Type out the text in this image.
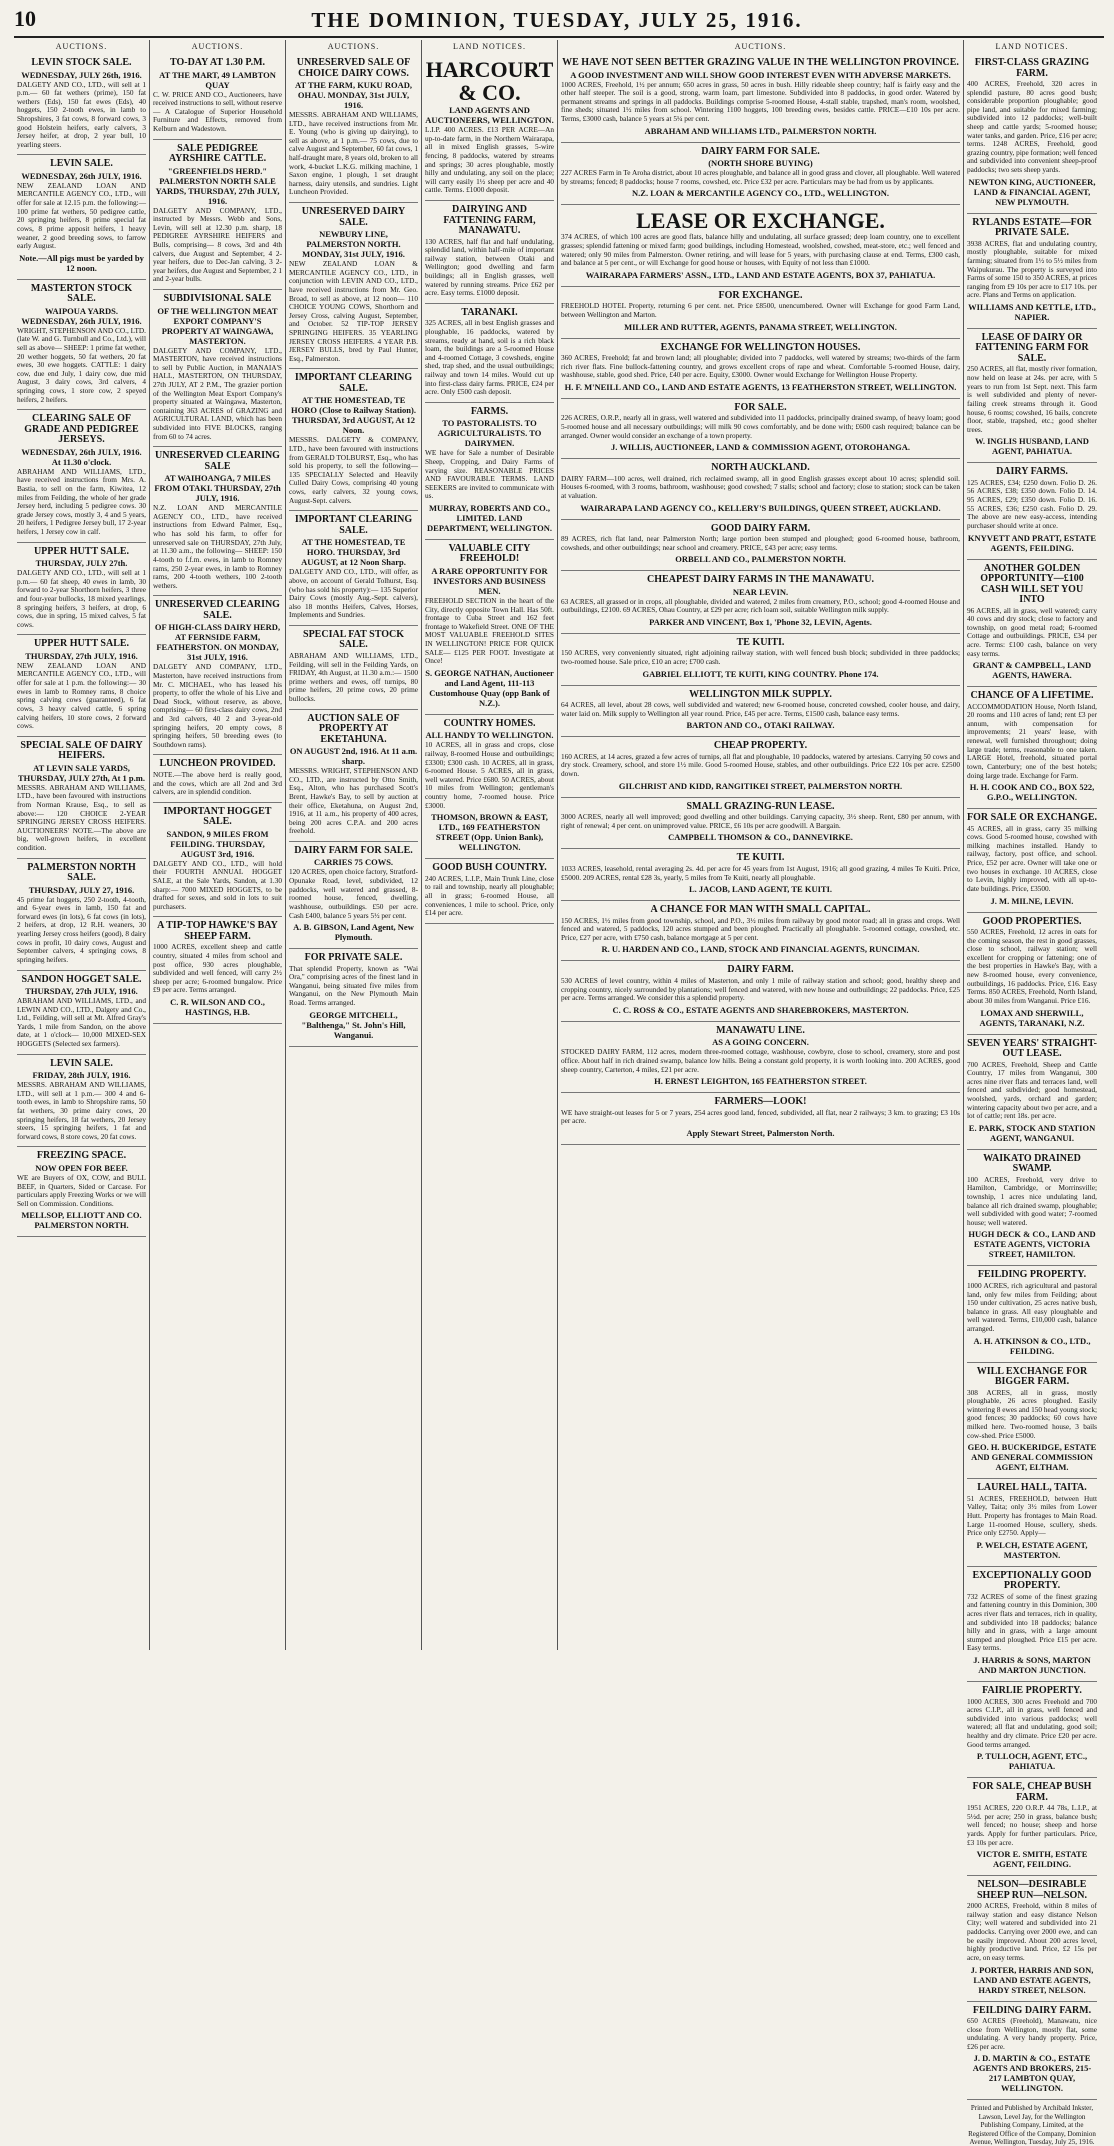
10	THE DOMINION, TUESDAY, JULY 25, 1916.
AUCTIONS.
LEVIN STOCK SALE.
WEDNESDAY, JULY 26th, 1916.
DALGETY AND CO., LTD., will sell at 1 p.m.— 60 fat wethers (prime), 150 fat wethers (Eds), 150 fat ewes (Eds), 40 hoggets, 150 2-tooth ewes, in lamb to Shropshires, 3 fat cows, 8 forward cows, 3 good Holstein heifers, early calvers, 3 Jersey heifer, at drop, 2 year bull, 10 yearling steers.
LEVIN SALE.
WEDNESDAY, 26th JULY, 1916.
NEW ZEALAND LOAN AND MERCANTILE AGENCY CO., LTD., will offer for sale at 12.15 p.m. the following:— 100 prime fat wethers, 50 pedigree cattle, 20 springing heifers, 8 prime special fat cows, 8 prime apposit heifers, 1 heavy weaner, 2 good breeding sows, to farrow early August.
Note.—All pigs must be yarded by 12 noon.
MASTERTON STOCK SALE.
WAIPOUA YARDS. WEDNESDAY, 26th JULY, 1916.
WRIGHT, STEPHENSON AND CO., LTD. (late W. and G. Turnbull and Co., Ltd.), will sell as above— SHEEP: 1 prime fat wether, 20 wether hoggets, 50 fat wethers, 20 fat ewes, 30 ewe hoggets. CATTLE: 1 dairy cow, due end July, 1 dairy cow, due mid August, 3 dairy cows, 3rd calvers, 4 springing cows, 1 store cow, 2 speyed heifers, 2 heifers.
CLEARING SALE OF GRADE AND PEDIGREE JERSEYS.
WEDNESDAY, 26th JULY, 1916. At 11.30 o'clock.
ABRAHAM AND WILLIAMS, LTD., have received instructions from Mrs. A. Bastia, to sell on the farm, Kiwitea, 12 miles from Feilding, the whole of her grade Jersey herd, including 5 pedigree cows. 30 grade Jersey cows, mostly 3, 4 and 5 years, 20 heifers, 1 Pedigree Jersey bull, 17 2-year heifers, 1 Jersey cow in calf.
UPPER HUTT SALE.
THURSDAY, JULY 27th.
DALGETY AND CO., LTD., will sell at 1 p.m.— 60 fat sheep, 40 ewes in lamb, 30 forward to 2-year Shorthorn heifers, 3 three and four-year bullocks, 18 mixed yearlings, 8 springing heifers, 3 heifers, at drop, 6 cows, due in spring, 15 mixed calves, 5 fat cows.
UPPER HUTT SALE.
THURSDAY, 27th JULY, 1916.
NEW ZEALAND LOAN AND MERCANTILE AGENCY CO., LTD., will offer for sale at 1 p.m. the following:— 30 ewes in lamb to Romney rams, 8 choice spring calving cows (guaranteed), 6 fat cows, 3 heavy calved cattle, 6 spring calving heifers, 10 store cows, 2 forward cows.
SPECIAL SALE OF DAIRY HEIFERS.
AT LEVIN SALE YARDS, THURSDAY, JULY 27th, At 1 p.m.
MESSRS. ABRAHAM AND WILLIAMS, LTD., have been favoured with instructions from Norman Krause, Esq., to sell as above:— 120 CHOICE 2-YEAR SPRINGING JERSEY CROSS HEIFERS. AUCTIONEERS' NOTE.—The above are big, well-grown heifers, in excellent condition.
PALMERSTON NORTH SALE.
THURSDAY, JULY 27, 1916.
45 prime fat hoggets, 250 2-tooth, 4-tooth, and 6-year ewes in lamb, 150 fat and forward ewes (in lots), 6 fat cows (in lots), 2 heifers, at drop, 12 R.H. weaners, 30 yearling Jersey cross heifers (good), 8 dairy cows in profit, 10 dairy cows, August and September calvers, 4 springing cows, 8 springing heifers.
SANDON HOGGET SALE.
THURSDAY, 27th JULY, 1916.
ABRAHAM AND WILLIAMS, LTD., and LEWIN AND CO., LTD., Dalgety and Co., Ltd., Feilding, will sell at Mt. Alfred Gray's Yards, 1 mile from Sandon, on the above date, at 1 o'clock— 10,000 MIXED-SEX HOGGETS (Selected sex farmers).
LEVIN SALE.
FRIDAY, 28th JULY, 1916.
MESSRS. ABRAHAM AND WILLIAMS, LTD., will sell at 1 p.m.— 300 4 and 6-tooth ewes, in lamb to Shropshire rams, 50 fat wethers, 30 prime dairy cows, 20 springing heifers, 18 fat wethers, 20 Jersey steers, 15 springing heifers, 1 fat and forward cows, 8 store cows, 20 fat cows.
FREEZING SPACE.
NOW OPEN FOR BEEF.
WE are Buyers of OX, COW, and BULL BEEF, in Quarters, Sided or Carcase. For particulars apply Freezing Works or we will Sell on Commission. Conditions.
MELLSOP, ELLIOTT AND CO. PALMERSTON NORTH.
AUCTIONS.
TO-DAY AT 1.30 P.M.
AT THE MART, 49 LAMBTON QUAY
C. W. PRICE AND CO., Auctioneers, have received instructions to sell, without reserve— A Catalogue of Superior Household Furniture and Effects, removed from Kelburn and Wadestown.
SALE PEDIGREE AYRSHIRE CATTLE.
"GREENFIELDS HERD." PALMERSTON NORTH SALE YARDS, THURSDAY, 27th JULY, 1916.
DALGETY AND COMPANY, LTD., instructed by Messrs. Webb and Sons, Levin, will sell at 12.30 p.m. sharp, 18 PEDIGREE AYRSHIRE HEIFERS and Bulls, comprising— 8 cows, 3rd and 4th calvers, due August and September, 4 2-year heifers, due to Dec-Jan calving, 3 2-year heifers, due August and September, 2 1 and 2-year bulls.
SUBDIVISIONAL SALE
OF THE WELLINGTON MEAT EXPORT COMPANY'S PROPERTY AT WAINGAWA, MASTERTON.
DALGETY AND COMPANY, LTD., MASTERTON, have received instructions to sell by Public Auction, in MANAIA'S HALL, MASTERTON, ON THURSDAY, 27th JULY, AT 2 P.M., The grazier portion of the Wellington Meat Export Company's property situated at Waingawa, Masterton, containing 363 ACRES of GRAZING and AGRICULTURAL LAND, which has been subdivided into FIVE BLOCKS, ranging from 60 to 74 acres.
UNRESERVED CLEARING SALE
AT WAIHOANGA, 7 MILES FROM OTAKI. THURSDAY, 27th JULY, 1916.
N.Z. LOAN AND MERCANTILE AGENCY CO., LTD., have received instructions from Edward Palmer, Esq., who has sold his farm, to offer for unreserved sale on THURSDAY, 27th July, at 11.30 a.m., the following— SHEEP: 150 4-tooth to f.f.m. ewes, in lamb to Romney rams, 250 2-year ewes, in lamb to Romney rams, 200 4-tooth wethers, 100 2-tooth wethers.
UNRESERVED CLEARING SALE.
OF HIGH-CLASS DAIRY HERD, AT FERNSIDE FARM, FEATHERSTON. ON MONDAY, 31st JULY, 1916.
DALGETY AND COMPANY, LTD., Masterton, have received instructions from Mr. C. MICHAEL, who has leased his property, to offer the whole of his Live and Dead Stock, without reserve, as above, comprising— 60 first-class dairy cows, 2nd and 3rd calvers, 40 2 and 3-year-old springing heifers, 20 empty cows, 8 springing heifers, 50 breeding ewes (to Southdown rams).
LUNCHEON PROVIDED.
NOTE.—The above herd is really good, and the cows, which are all 2nd and 3rd calvers, are in splendid condition.
IMPORTANT HOGGET SALE.
SANDON, 9 MILES FROM FEILDING. THURSDAY, AUGUST 3rd, 1916.
DALGETY AND CO., LTD., will hold their FOURTH ANNUAL HOGGET SALE, at the Sale Yards, Sandon, at 1.30 sharp:— 7000 MIXED HOGGETS, to be drafted for sexes, and sold in lots to suit purchasers.
A TIP-TOP HAWKE'S BAY SHEEP FARM.
1000 ACRES, excellent sheep and cattle country, situated 4 miles from school and post office, 930 acres ploughable, subdivided and well fenced, will carry 2½ sheep per acre; 6-roomed bungalow. Price £9 per acre. Terms arranged.
C. R. WILSON AND CO., HASTINGS, H.B.
AUCTIONS.
UNRESERVED SALE OF CHOICE DAIRY COWS.
AT THE FARM, KUKU ROAD, OHAU. MONDAY, 31st JULY, 1916.
MESSRS. ABRAHAM AND WILLIAMS, LTD., have received instructions from Mr. E. Young (who is giving up dairying), to sell as above, at 1 p.m.— 75 cows, due to calve August and September, 60 fat cows, 1 half-draught mare, 8 years old, broken to all work, 4-bucket L.K.G. milking machine, 1 Saxon engine, 1 plough, 1 set draught harness, dairy utensils, and sundries. Light Luncheon Provided.
UNRESERVED DAIRY SALE.
NEWBURY LINE, PALMERSTON NORTH. MONDAY, 31st JULY, 1916.
NEW ZEALAND LOAN & MERCANTILE AGENCY CO., LTD., in conjunction with LEVIN AND CO., LTD., have received instructions from Mr. Geo. Broad, to sell as above, at 12 noon— 110 CHOICE YOUNG COWS, Shorthorn and Jersey Cross, calving August, September, and October. 52 TIP-TOP JERSEY SPRINGING HEIFERS. 35 YEARLING JERSEY CROSS HEIFERS. 4 YEAR P.B. JERSEY BULLS, bred by Paul Hunter, Esq., Palmerston.
IMPORTANT CLEARING SALE.
AT THE HOMESTEAD, TE HORO (Close to Railway Station). THURSDAY, 3rd AUGUST, At 12 Noon.
MESSRS. DALGETY & COMPANY, LTD., have been favoured with instructions from GERALD TOLBURST, Esq., who has sold his property, to sell the following— 135 SPECIALLY Selected and Heavily Culled Dairy Cows, comprising 40 young cows, early calvers, 32 young cows, August-Sept. calvers.
IMPORTANT CLEARING SALE.
AT THE HOMESTEAD, TE HORO. THURSDAY, 3rd AUGUST, at 12 Noon Sharp.
DALGETY AND CO., LTD., will offer, as above, on account of Gerald Tolhurst, Esq. (who has sold his property):— 135 Superior Dairy Cows (mostly Aug.-Sept. calvers), also 18 months Heifers, Calves, Horses, Implements and Sundries.
SPECIAL FAT STOCK SALE.
ABRAHAM AND WILLIAMS, LTD., Feilding, will sell in the Feilding Yards, on FRIDAY, 4th August, at 11.30 a.m.:— 1500 prime wethers and ewes, off turnips, 80 prime heifers, 20 prime cows, 20 prime bullocks.
AUCTION SALE OF PROPERTY AT EKETAHUNA.
ON AUGUST 2nd, 1916. At 11 a.m. sharp.
MESSRS. WRIGHT, STEPHENSON AND CO., LTD., are instructed by Otto Smith, Esq., Alton, who has purchased Scott's Brent, Hawke's Bay, to sell by auction at their office, Eketahuna, on August 2nd, 1916, at 11 a.m., his property of 400 acres, being 200 acres C.P.A. and 200 acres freehold.
DAIRY FARM FOR SALE.
CARRIES 75 COWS.
120 ACRES, open choice factory, Stratford-Opunake Road, level, subdivided, 12 paddocks, well watered and grassed, 8-roomed house, fenced, dwelling, washhouse, outbuildings. £50 per acre. Cash £400, balance 5 years 5½ per cent.
A. B. GIBSON, Land Agent, New Plymouth.
FOR PRIVATE SALE.
That splendid Property, known as "Wai Ora," comprising acres of the finest land in Wanganui, being situated five miles from Wanganui, on the New Plymouth Main Road. Terms arranged.
GEORGE MITCHELL, "Balthenga," St. John's Hill, Wanganui.
LAND NOTICES.
HARCOURT & CO.
LAND AGENTS AND AUCTIONEERS, WELLINGTON.
L.I.P. 400 ACRES. £13 PER ACRE—An up-to-date farm, in the Northern Wairarapa, all in mixed English grasses, 5-wire fencing, 8 paddocks, watered by streams and springs; 30 acres ploughable, mostly hilly and undulating, any soil on the place; will carry easily 1½ sheep per acre and 40 cattle. Terms. £1000 deposit.
DAIRYING AND FATTENING FARM, MANAWATU.
130 ACRES, half flat and half undulating, splendid land, within half-mile of important railway station, between Otaki and Wellington; good dwelling and farm buildings; all in English grasses, well watered by running streams. Price £62 per acre. Easy terms. £1000 deposit.
TARANAKI.
325 ACRES, all in best English grasses and ploughable, 16 paddocks, watered by streams, ready at hand, soil is a rich black loam, the buildings are a 5-roomed House and 4-roomed Cottage, 3 cowsheds, engine shed, trap shed, and the usual outbuildings; railway and town 14 miles. Would cut up into first-class dairy farms. PRICE, £24 per acre. Only £500 cash deposit.
FARMS.
TO PASTORALISTS. TO AGRICULTURALISTS. TO DAIRYMEN.
WE have for Sale a number of Desirable Sheep, Cropping, and Dairy Farms of varying size. REASONABLE PRICES AND FAVOURABLE TERMS. LAND SEEKERS are invited to communicate with us.
MURRAY, ROBERTS AND CO., LIMITED. LAND DEPARTMENT, WELLINGTON.
VALUABLE CITY FREEHOLD!
A RARE OPPORTUNITY FOR INVESTORS AND BUSINESS MEN.
FREEHOLD SECTION in the heart of the City, directly opposite Town Hall. Has 50ft. frontage to Cuba Street and 162 feet frontage to Wakefield Street. ONE OF THE MOST VALUABLE FREEHOLD SITES IN WELLINGTON! PRICE FOR QUICK SALE— £125 PER FOOT. Investigate at Once!
S. GEORGE NATHAN, Auctioneer and Land Agent, 111-113 Customhouse Quay (opp Bank of N.Z.).
COUNTRY HOMES.
ALL HANDY TO WELLINGTON.
10 ACRES, all in grass and crops, close railway, 8-roomed House and outbuildings; £3300; £300 cash. 10 ACRES, all in grass, 6-roomed House. 5 ACRES, all in grass, well watered. Price £680. 50 ACRES, about 10 miles from Wellington; gentleman's country home, 7-roomed house. Price £3000.
THOMSON, BROWN & EAST, LTD., 169 FEATHERSTON STREET (Opp. Union Bank), WELLINGTON.
GOOD BUSH COUNTRY.
240 ACRES, L.I.P., Main Trunk Line, close to rail and township, nearly all ploughable; all in grass; 6-roomed House, all conveniences, 1 mile to school. Price, only £14 per acre.
AUCTIONS.
WE HAVE NOT SEEN BETTER GRAZING VALUE IN THE WELLINGTON PROVINCE.
A GOOD INVESTMENT AND WILL SHOW GOOD INTEREST EVEN WITH ADVERSE MARKETS.
1000 ACRES, Freehold, 1½ per annum; 650 acres in grass, 50 acres in bush. Hilly rideable sheep country; half is fairly easy and the other half steeper. The soil is a good, strong, warm loam, part limestone. Subdivided into 8 paddocks, in good order. Watered by permanent streams and springs in all paddocks. Buildings comprise 5-roomed House, 4-stall stable, trapshed, man's room, woolshed, fine sheds; situated 1½ miles from school. Wintering 1100 hoggets, 100 breeding ewes, besides cattle. PRICE—£10 10s per acre. Terms, £3000 cash, balance 5 years at 5¼ per cent.
ABRAHAM AND WILLIAMS LTD., PALMERSTON NORTH.
DAIRY FARM FOR SALE.
(NORTH SHORE BUYING)
227 ACRES Farm in Te Aroha district, about 10 acres ploughable, and balance all in good grass and clover, all ploughable. Well watered by streams; fenced; 8 paddocks; house 7 rooms, cowshed, etc. Price £32 per acre. Particulars may be had from us by applicants.
N.Z. LOAN & MERCANTILE AGENCY CO., LTD., WELLINGTON.
LEASE OR EXCHANGE.
374 ACRES, of which 100 acres are good flats, balance hilly and undulating, all surface grassed; deep loam country, one to excellent grasses; splendid fattening or mixed farm; good buildings, including Homestead, woolshed, cowshed, meat-store, etc.; well fenced and watered; only 90 miles from Palmerston. Owner retiring, and will lease for 5 years, with purchasing clause at end. Terms, £300 cash, and balance at 5 per cent., or will Exchange for good house or houses, with Equity of not less than £1000.
WAIRARAPA FARMERS' ASSN., LTD., LAND AND ESTATE AGENTS, BOX 37, PAHIATUA.
FOR EXCHANGE.
FREEHOLD HOTEL Property, returning 6 per cent. net. Price £8500, unencumbered. Owner will Exchange for good Farm Land, between Wellington and Marton.
MILLER AND RUTTER, AGENTS, PANAMA STREET, WELLINGTON.
EXCHANGE FOR WELLINGTON HOUSES.
360 ACRES, Freehold; fat and brown land; all ploughable; divided into 7 paddocks, well watered by streams; two-thirds of the farm rich river flats. Fine bullock-fattening country, and grows excellent crops of rape and wheat. Comfortable 5-roomed House, dairy, washhouse, stable, good shed. Price, £40 per acre. Equity, £3000. Owner would Exchange for Wellington House Property.
H. F. M'NEILL AND CO., LAND AND ESTATE AGENTS, 13 FEATHERSTON STREET, WELLINGTON.
FOR SALE.
226 ACRES, O.R.P., nearly all in grass, well watered and subdivided into 11 paddocks, principally drained swamp, of heavy loam; good 5-roomed house and all necessary outbuildings; will milk 90 cows comfortably, and be done with; £600 cash required; balance can be arranged. Owner would consider an exchange of a town property.
J. WILLIS, AUCTIONEER, LAND & COMMISSION AGENT, OTOROHANGA.
NORTH AUCKLAND.
DAIRY FARM—100 acres, well drained, rich reclaimed swamp, all in good English grasses except about 10 acres; splendid soil. Houses 6-roomed, with 3 rooms, bathroom, washhouse; good cowshed; 7 stalls; school and factory; close to station; stock can be taken at valuation.
WAIRARAPA LAND AGENCY CO., KELLERY'S BUILDINGS, QUEEN STREET, AUCKLAND.
GOOD DAIRY FARM.
89 ACRES, rich flat land, near Palmerston North; large portion been stumped and ploughed; good 6-roomed house, bathroom, cowsheds, and other outbuildings; near school and creamery. PRICE, £43 per acre; easy terms.
ORBELL AND CO., PALMERSTON NORTH.
CHEAPEST DAIRY FARMS IN THE MANAWATU.
NEAR LEVIN.
63 ACRES, all grassed or in crops, all ploughable, divided and watered, 2 miles from creamery, P.O., school; good 4-roomed House and outbuildings, £2100. 69 ACRES, Ohau Country, at £29 per acre; rich loam soil, suitable Wellington milk supply.
PARKER AND VINCENT, Box 1, 'Phone 32, LEVIN, Agents.
TE KUITI.
150 ACRES, very conveniently situated, right adjoining railway station, with well fenced bush block; subdivided in three paddocks; two-roomed house. Sale price, £10 an acre; £700 cash.
GABRIEL ELLIOTT, TE KUITI, KING COUNTRY. Phone 174.
WELLINGTON MILK SUPPLY.
64 ACRES, all level, about 28 cows, well subdivided and watered; new 6-roomed house, concreted cowshed, cooler house, and dairy, water laid on. Milk supply to Wellington all year round. Price, £45 per acre. Terms, £1500 cash, balance easy terms.
BARTON AND CO., OTAKI RAILWAY.
CHEAP PROPERTY.
160 ACRES, at 14 acres, grazed a few acres of turnips, all flat and ploughable, 10 paddocks, watered by artesians. Carrying 50 cows and dry stock. Creamery, school, and store 1½ mile. Good 5-roomed House, stables, and other outbuildings. Price £22 10s per acre. £2500 down.
GILCHRIST AND KIDD, RANGITIKEI STREET, PALMERSTON NORTH.
SMALL GRAZING-RUN LEASE.
3000 ACRES, nearly all well improved; good dwelling and other buildings. Carrying capacity, 3½ sheep. Rent, £80 per annum, with right of renewal; 4 per cent. on unimproved value. PRICE, £6 10s per acre goodwill. A Bargain.
CAMPBELL THOMSON & CO., DANNEVIRKE.
TE KUITI.
1033 ACRES, leasehold, rental averaging 2s. 4d. per acre for 45 years from 1st August, 1916; all good grazing, 4 miles Te Kuiti. Price, £5000. 209 ACRES, rental £28 3s, yearly, 5 miles from Te Kuiti, nearly all ploughable.
L. JACOB, LAND AGENT, TE KUITI.
A CHANCE FOR MAN WITH SMALL CAPITAL.
150 ACRES, 1½ miles from good township, school, and P.O., 3½ miles from railway by good motor road; all in grass and crops. Well fenced and watered, 5 paddocks, 120 acres stumped and been ploughed. Practically all ploughable. 5-roomed cottage, cowshed, etc. Price, £27 per acre, with £750 cash, balance mortgage at 5 per cent.
R. U. HARDEN AND CO., LAND, STOCK AND FINANCIAL AGENTS, RUNCIMAN.
DAIRY FARM.
530 ACRES of level country, within 4 miles of Masterton, and only 1 mile of railway station and school; good, healthy sheep and cropping country, nicely surrounded by plantations; well fenced and watered, with new house and outbuildings; 22 paddocks. Price, £25 per acre. Terms arranged. We consider this a splendid property.
C. C. ROSS & CO., ESTATE AGENTS AND SHAREBROKERS, MASTERTON.
MANAWATU LINE.
AS A GOING CONCERN.
STOCKED DAIRY FARM, 112 acres, modern three-roomed cottage, washhouse, cowbyre, close to school, creamery, store and post office. About half in rich drained swamp, balance low hills. Being a constant gold property, it is worth looking into. 200 ACRES, good sheep country, Carterton, 4 miles, £21 per acre.
H. ERNEST LEIGHTON, 165 FEATHERSTON STREET.
FARMERS—LOOK!
WE have straight-out leases for 5 or 7 years, 254 acres good land, fenced, subdivided, all flat, near 2 railways; 3 km. to grazing; £3 10s per acre.
Apply Stewart Street, Palmerston North.
LAND NOTICES.
FIRST-CLASS GRAZING FARM.
400 ACRES, Freehold, 320 acres in splendid pasture, 80 acres good bush; considerable proportion ploughable; good pipe land, and suitable for mixed farming; subdivided into 12 paddocks; well-built sheep and cattle yards; 5-roomed house; water tanks, and garden. Price, £16 per acre; terms. 1248 ACRES, Freehold, good grazing country, pipe formation; well fenced and subdivided into convenient sheep-proof paddocks; two sets sheep yards.
NEWTON KING, AUCTIONEER, LAND & FINANCIAL AGENT, NEW PLYMOUTH.
RYLANDS ESTATE—FOR PRIVATE SALE.
3938 ACRES, flat and undulating country, mostly ploughable, suitable for mixed farming; situated from 1½ to 5½ miles from Waipukurau. The property is surveyed into Farms of some 150 to 350 ACRES, at prices ranging from £9 10s per acre to £17 10s. per acre. Plans and Terms on application.
WILLIAMS AND KETTLE, LTD., NAPIER.
LEASE OF DAIRY OR FATTENING FARM FOR SALE.
250 ACRES, all flat, mostly river formation, now held on lease at 24s. per acre, with 5 years to run from 1st Sept. next. This farm is well subdivided and plenty of never-failing creek streams through it. Good house, 6 rooms; cowshed, 16 bails, concrete floor, stable, trapshed, etc.; good shelter trees.
W. INGLIS HUSBAND, LAND AGENT, PAHIATUA.
DAIRY FARMS.
125 ACRES, £34; £250 down. Folio D. 26. 56 ACRES, £38; £350 down. Folio D. 14. 95 ACRES, £29; £350 down. Folio D. 16. 55 ACRES, £36; £250 cash. Folio D. 29. The above are new easy-access, intending purchaser should write at once.
KNYVETT AND PRATT, ESTATE AGENTS, FEILDING.
ANOTHER GOLDEN OPPORTUNITY—£100 CASH WILL SET YOU INTO
96 ACRES, all in grass, well watered; carry 40 cows and dry stock; close to factory and township, on good metal road; 6-roomed Cottage and outbuildings. PRICE, £34 per acre. Terms: £100 cash, balance on very easy terms.
GRANT & CAMPBELL, LAND AGENTS, HAWERA.
CHANCE OF A LIFETIME.
ACCOMMODATION House, North Island, 20 rooms and 110 acres of land; rent £3 per annum, with compensation for improvements; 21 years' lease, with renewal, well furnished throughout; doing large trade; terms, reasonable to one taken. LARGE Hotel, freehold, situated portal town, Canterbury; one of the best hotels; doing large trade. Exchange for Farm.
H. H. COOK AND CO., BOX 522, G.P.O., WELLINGTON.
FOR SALE OR EXCHANGE.
45 ACRES, all in grass, carry 35 milking cows. Good 5-roomed house, cowshed with milking machines installed. Handy to railway, factory, post office, and school. Price, £52 per acre. Owner will take one or two houses in exchange. 10 ACRES, close to Levin, highly improved, with all up-to-date buildings. Price, £3500.
J. M. MILNE, LEVIN.
GOOD PROPERTIES.
550 ACRES, Freehold, 12 acres in oats for the coming season, the rest in good grasses, close to school, railway station; well excellent for cropping or fattening; one of the best properties in Hawke's Bay, with a new 8-roomed house, every convenience, outbuildings, 16 paddocks. Price, £16. Easy Terms. 850 ACRES, Freehold, North Island, about 30 miles from Wanganui. Price £16.
LOMAX AND SHERWILL, AGENTS, TARANAKI, N.Z.
SEVEN YEARS' STRAIGHT-OUT LEASE.
700 ACRES, Freehold, Sheep and Cattle Country, 17 miles from Wanganui, 300 acres nine river flats and terraces land, well fenced and subdivided; good homestead, woolshed, yards, orchard and garden; wintering capacity about two per acre, and a lot of cattle; rent 18s. per acre.
E. PARK, STOCK AND STATION AGENT, WANGANUI.
WAIKATO DRAINED SWAMP.
100 ACRES, Freehold, very drive to Hamilton, Cambridge, or Morrinsville; township, 1 acres nice undulating land, balance all rich drained swamp, ploughable; well subdivided with good water; 7-roomed house; well watered.
HUGH DECK & CO., LAND AND ESTATE AGENTS, VICTORIA STREET, HAMILTON.
FEILDING PROPERTY.
1000 ACRES, rich agricultural and pastoral land, only few miles from Feilding; about 150 under cultivation, 25 acres native bush, balance in grass. All easy ploughable and well watered. Terms, £10,000 cash, balance arranged.
A. H. ATKINSON & CO., LTD., FEILDING.
WILL EXCHANGE FOR BIGGER FARM.
308 ACRES, all in grass, mostly ploughable, 26 acres ploughed. Easily wintering 8 ewes and 150 head young stock; good fences; 30 paddocks; 60 cows have milked here. Two-roomed house, 3 bails cow-shed. Price £5000.
GEO. H. BUCKERIDGE, ESTATE AND GENERAL COMMISSION AGENT, ELTHAM.
LAUREL HALL, TAITA.
51 ACRES, FREEHOLD, between Hutt Valley, Taita; only 3½ miles from Lower Hutt. Property has frontages to Main Road. Large 11-roomed House, scullery, sheds. Price only £2750. Apply—
P. WELCH, ESTATE AGENT, MASTERTON.
EXCEPTIONALLY GOOD PROPERTY.
732 ACRES of some of the finest grazing and fattening country in this Dominion, 300 acres river flats and terraces, rich in quality, and subdivided into 18 paddocks; balance hilly and in grass, with a large amount stumped and ploughed. Price £15 per acre. Easy terms.
J. HARRIS & SONS, MARTON AND MARTON JUNCTION.
FAIRLIE PROPERTY.
1000 ACRES, 300 acres Freehold and 700 acres C.I.P., all in grass, well fenced and subdivided into various paddocks; well watered; all flat and undulating, good soil; healthy and dry climate. Price £20 per acre. Good terms arranged.
P. TULLOCH, AGENT, ETC., PAHIATUA.
FOR SALE, CHEAP BUSH FARM.
1951 ACRES, 220 O.R.P. 44 78s, L.I.P., at 5½d. per acre; 250 in grass, balance bush; well fenced; no house; sheep and horse yards. Apply for further particulars. Price, £3 10s per acre.
VICTOR E. SMITH, ESTATE AGENT, FEILDING.
NELSON—DESIRABLE SHEEP RUN—NELSON.
2000 ACRES, Freehold, within 8 miles of railway station and easy distance Nelson City; well watered and subdivided into 21 paddocks. Carrying over 2000 ewe, and can be easily improved. About 200 acres level, highly productive land. Price, £2 15s per acre, on easy terms.
J. PORTER, HARRIS AND SON, LAND AND ESTATE AGENTS, HARDY STREET, NELSON.
FEILDING DAIRY FARM.
650 ACRES (Freehold), Manawatu, nice close from Wellington, mostly flat, some undulating. A very handy property. Price, £26 per acre.
J. D. MARTIN & CO., ESTATE AGENTS AND BROKERS, 215-217 LAMBTON QUAY, WELLINGTON.
Printed and Published by Archibald Inkster, Lawson, Level Jay, for the Wellington Publishing Company, Limited, at the Registered Office of the Company, Dominion Avenue, Wellington, Tuesday, July 25, 1916.
